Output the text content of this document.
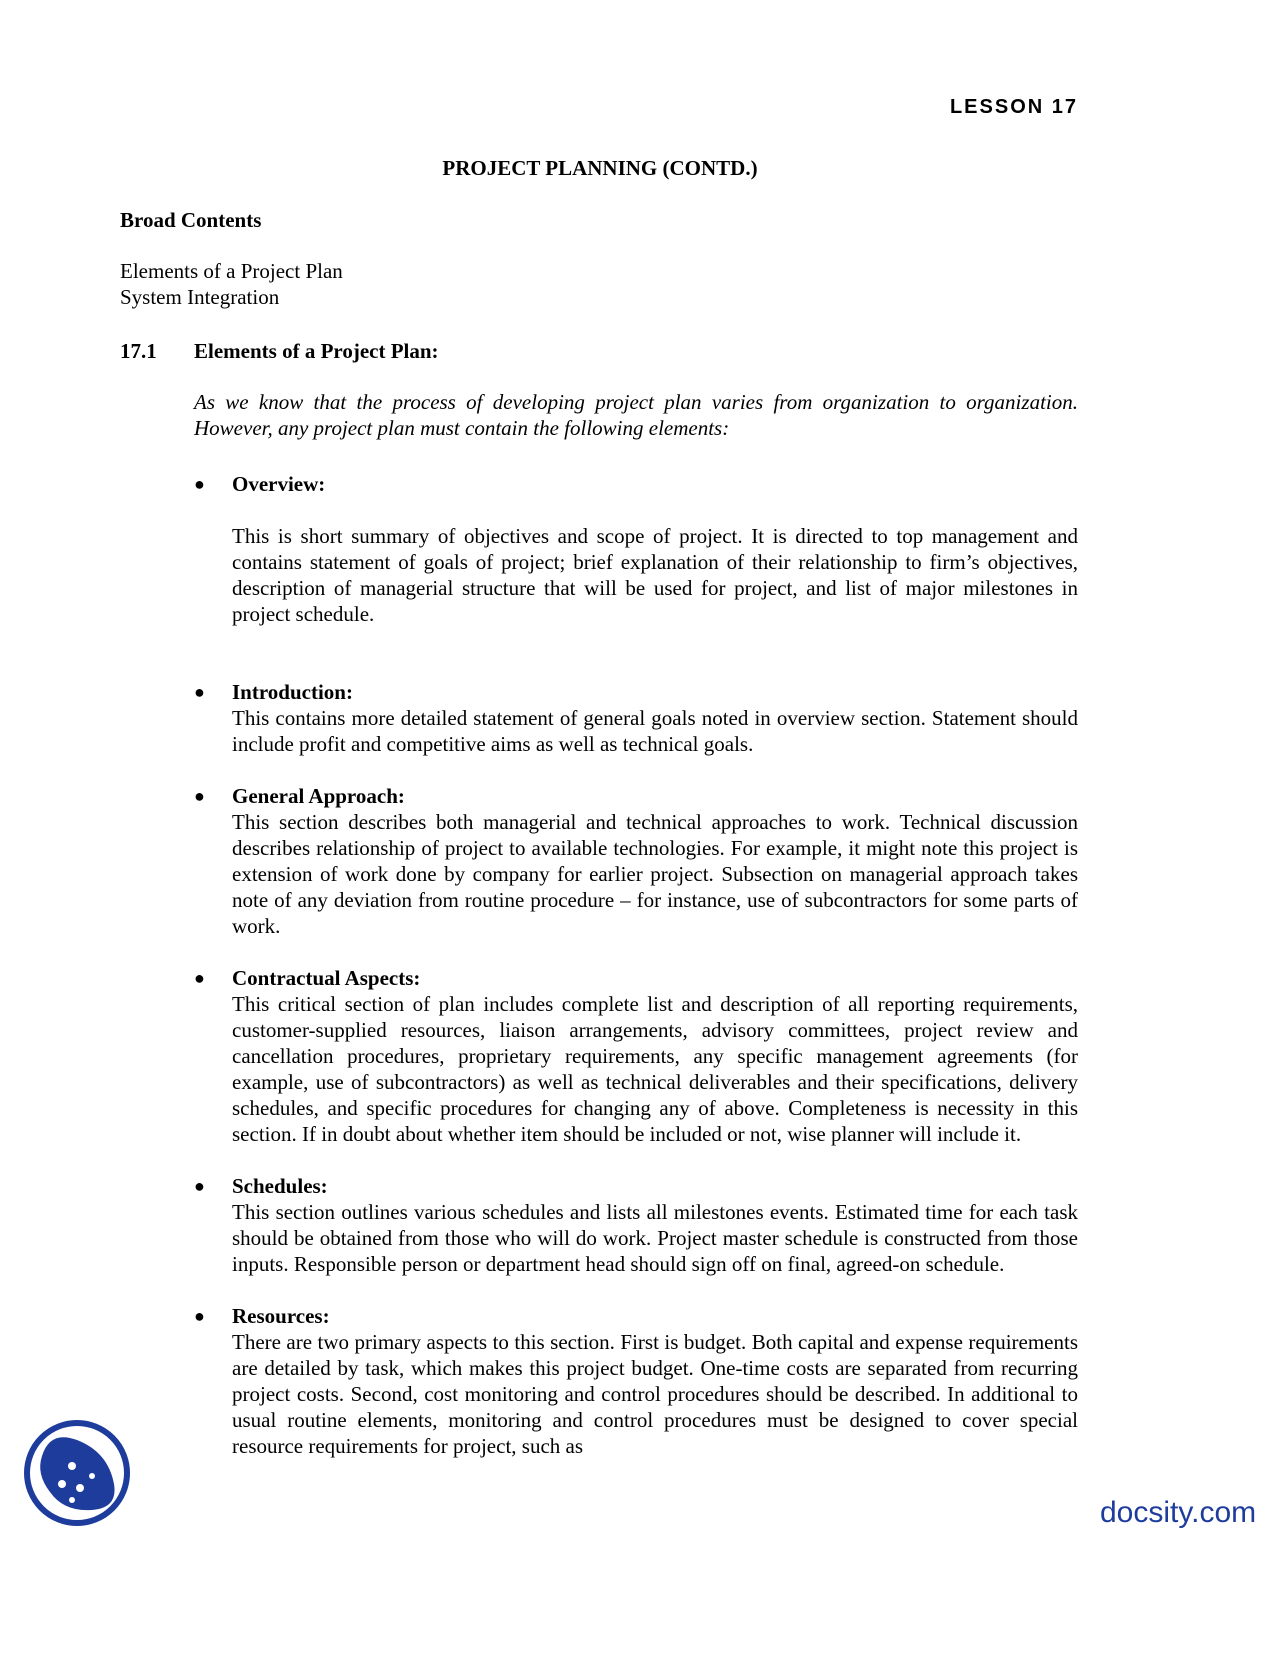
LESSON 17
PROJECT PLANNING (CONTD.)
Broad Contents
Elements of a Project Plan
System Integration
17.1 Elements of a Project Plan:
As we know that the process of developing project plan varies from organization to organization. However, any project plan must contain the following elements:
● Overview:
This is short summary of objectives and scope of project. It is directed to top management and contains statement of goals of project; brief explanation of their relationship to firm’s objectives, description of managerial structure that will be used for project, and list of major milestones in project schedule.
● Introduction:
This contains more detailed statement of general goals noted in overview section. Statement should include profit and competitive aims as well as technical goals.
● General Approach:
This section describes both managerial and technical approaches to work. Technical discussion describes relationship of project to available technologies. For example, it might note this project is extension of work done by company for earlier project. Subsection on managerial approach takes note of any deviation from routine procedure – for instance, use of subcontractors for some parts of work.
● Contractual Aspects:
This critical section of plan includes complete list and description of all reporting requirements, customer-supplied resources, liaison arrangements, advisory committees, project review and cancellation procedures, proprietary requirements, any specific management agreements (for example, use of subcontractors) as well as technical deliverables and their specifications, delivery schedules, and specific procedures for changing any of above. Completeness is necessity in this section. If in doubt about whether item should be included or not, wise planner will include it.
● Schedules:
This section outlines various schedules and lists all milestones events. Estimated time for each task should be obtained from those who will do work. Project master schedule is constructed from those inputs. Responsible person or department head should sign off on final, agreed-on schedule.
● Resources:
There are two primary aspects to this section. First is budget. Both capital and expense requirements are detailed by task, which makes this project budget. One-time costs are separated from recurring project costs. Second, cost monitoring and control procedures should be described. In additional to usual routine elements, monitoring and control procedures must be designed to cover special resource requirements for project, such as
docsity.com
